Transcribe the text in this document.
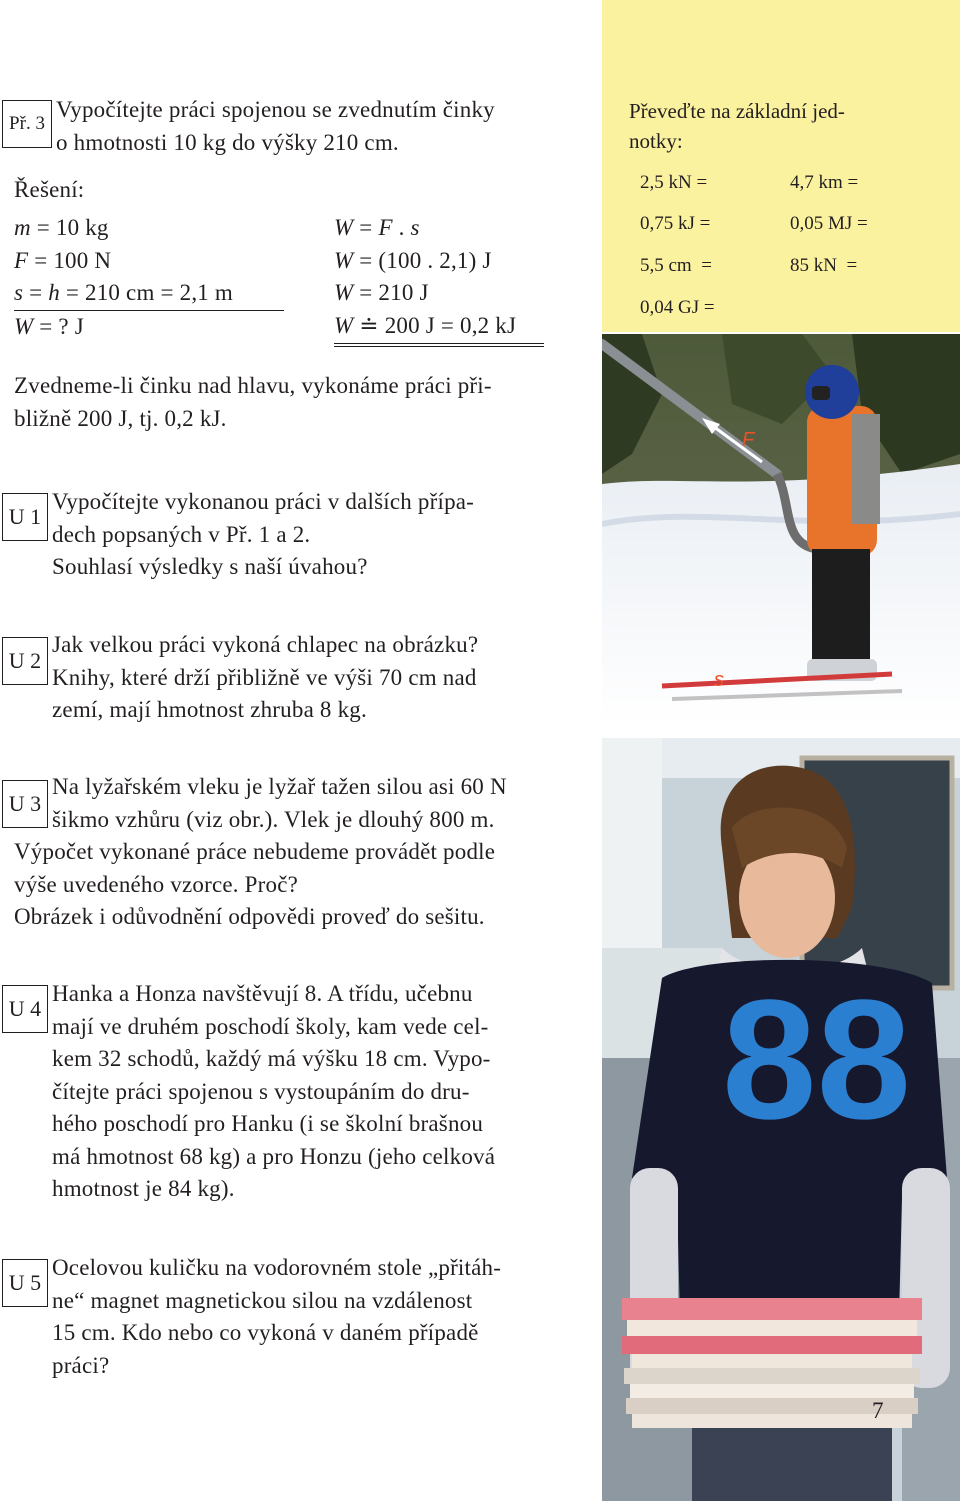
Př. 3
Vypočítejte práci spojenou se zvednutím činky
o hmotnosti 10 kg do výšky 210 cm.
Řešení:
m = 10 kg
F = 100 N
s = h = 210 cm = 2,1 m
W = ? J
W = F . s
W = (100 . 2,1) J
W = 210 J
W ≐ 200 J = 0,2 kJ
Zvedneme-li činku nad hlavu, vykonáme práci při-
bližně 200 J, tj. 0,2 kJ.
Převeďte na základní jed-
notky:
2,5 kN =
0,75 kJ =
5,5 cm  =
0,04 GJ =
4,7 km =
0,05 MJ =
85 kN  =
F
s
88
U 1
Vypočítejte vykonanou práci v dalších přípa-
dech popsaných v Př. 1 a 2.
Souhlasí výsledky s naší úvahou?
U 2
Jak velkou práci vykoná chlapec na obrázku?
Knihy, které drží přibližně ve výši 70 cm nad
zemí, mají hmotnost zhruba 8 kg.
U 3
Na lyžařském vleku je lyžař tažen silou asi 60 N
šikmo vzhůru (viz obr.). Vlek je dlouhý 800 m.
Výpočet vykonané práce nebudeme provádět podle
výše uvedeného vzorce. Proč?
Obrázek i odůvodnění odpovědi proveď do sešitu.
U 4
Hanka a Honza navštěvují 8. A třídu, učebnu
mají ve druhém poschodí školy, kam vede cel-
kem 32 schodů, každý má výšku 18 cm. Vypo-
čítejte práci spojenou s vystoupáním do dru-
hého poschodí pro Hanku (i se školní brašnou
má hmotnost 68 kg) a pro Honzu (jeho celková
hmotnost je 84 kg).
U 5
Ocelovou kuličku na vodorovném stole „přitáh-
ne“ magnet magnetickou silou na vzdálenost
15 cm. Kdo nebo co vykoná v daném případě
práci?
7
